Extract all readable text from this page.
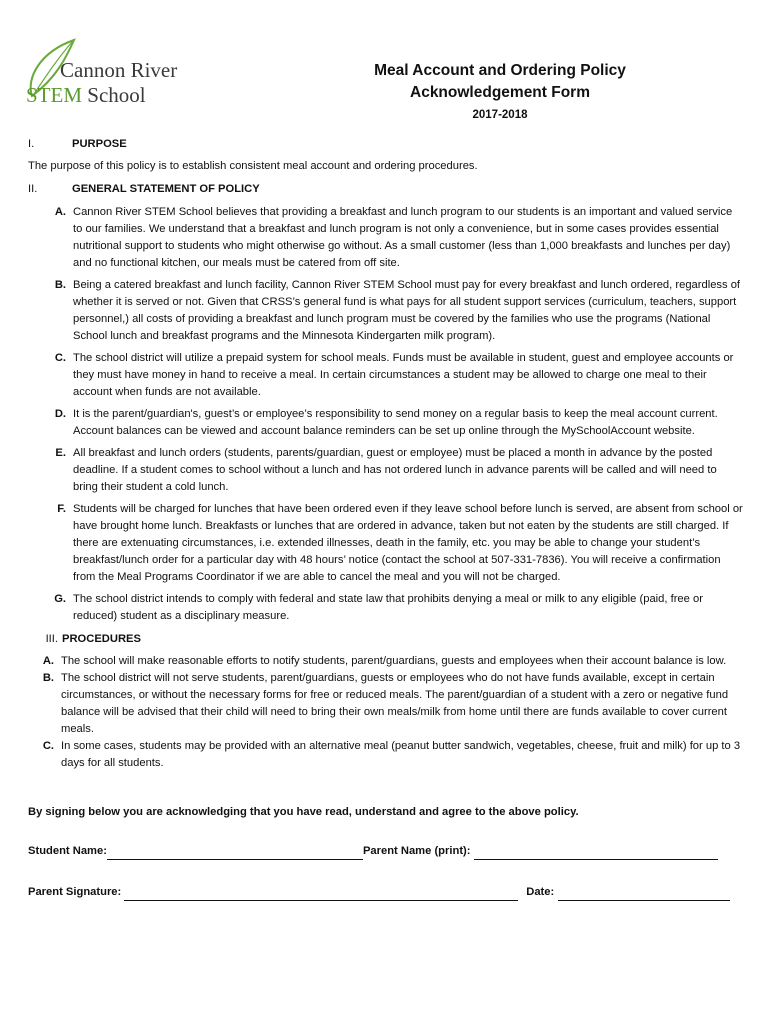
Cannon River
STEM School
Meal Account and Ordering Policy
Acknowledgement Form
2017-2018
I.	PURPOSE
The purpose of this policy is to establish consistent meal account and ordering procedures.
II.	GENERAL STATEMENT OF POLICY
A. Cannon River STEM School believes that providing a breakfast and lunch program to our students is an important and valued service to our families. We understand that a breakfast and lunch program is not only a convenience, but in some cases provides essential nutritional support to students who might otherwise go without. As a small customer (less than 1,000 breakfasts and lunches per day) and no functional kitchen, our meals must be catered from off site.
B. Being a catered breakfast and lunch facility, Cannon River STEM School must pay for every breakfast and lunch ordered, regardless of whether it is served or not. Given that CRSS’s general fund is what pays for all student support services (curriculum, teachers, support personnel,) all costs of providing a breakfast and lunch program must be covered by the families who use the programs (National School lunch and breakfast programs and the Minnesota Kindergarten milk program).
C. The school district will utilize a prepaid system for school meals. Funds must be available in student, guest and employee accounts or they must have money in hand to receive a meal. In certain circumstances a student may be allowed to charge one meal to their account when funds are not available.
D. It is the parent/guardian's, guest’s or employee’s responsibility to send money on a regular basis to keep the meal account current. Account balances can be viewed and account balance reminders can be set up online through the MySchoolAccount website.
E. All breakfast and lunch orders (students, parents/guardian, guest or employee) must be placed a month in advance by the posted deadline. If a student comes to school without a lunch and has not ordered lunch in advance parents will be called and will need to bring their student a cold lunch.
F. Students will be charged for lunches that have been ordered even if they leave school before lunch is served, are absent from school or have brought home lunch. Breakfasts or lunches that are ordered in advance, taken but not eaten by the students are still charged. If there are extenuating circumstances, i.e. extended illnesses, death in the family, etc. you may be able to change your student’s breakfast/lunch order for a particular day with 48 hours’ notice (contact the school at 507-331-7836). You will receive a confirmation from the Meal Programs Coordinator if we are able to cancel the meal and you will not be charged.
G. The school district intends to comply with federal and state law that prohibits denying a meal or milk to any eligible (paid, free or reduced) student as a disciplinary measure.
III. PROCEDURES
A. The school will make reasonable efforts to notify students, parent/guardians, guests and employees when their account balance is low.
B. The school district will not serve students, parent/guardians, guests or employees who do not have funds available, except in certain circumstances, or without the necessary forms for free or reduced meals. The parent/guardian of a student with a zero or negative fund balance will be advised that their child will need to bring their own meals/milk from home until there are funds available to cover current meals.
C. In some cases, students may be provided with an alternative meal (peanut butter sandwich, vegetables, cheese, fruit and milk) for up to 3 days for all students.
By signing below you are acknowledging that you have read, understand and agree to the above policy.
Student Name:	Parent Name (print):
Parent Signature:	Date:
